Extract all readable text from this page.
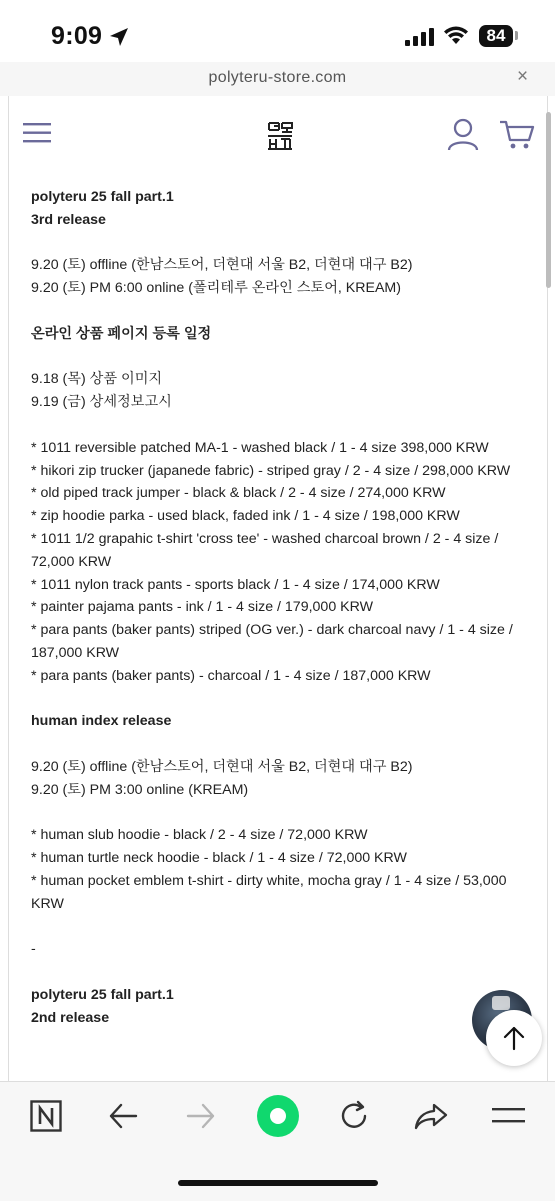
9:09	84
polyteru-store.com	×

polyteru 25 fall part.1

3rd release

9.20 (토) offline (한남스토어, 더현대 서울 B2, 더현대 대구 B2)

9.20 (토) PM 6:00 online (폴리테루 온라인 스토어, KREAM)

온라인 상품 페이지 등록 일정

9.18 (목) 상품 이미지

9.19 (금) 상세정보고시

* 1011 reversible patched MA-1 - washed black / 1 - 4 size 398,000 KRW

* hikori zip trucker (japanede fabric) - striped gray / 2 - 4 size / 298,000 KRW

* old piped track jumper - black & black / 2 - 4 size / 274,000 KRW

* zip hoodie parka - used black, faded ink / 1 - 4 size / 198,000 KRW

* 1011 1/2 grapahic t-shirt 'cross tee' - washed charcoal brown / 2 - 4 size / 72,000 KRW

* 1011 nylon track pants - sports black / 1 - 4 size / 174,000 KRW

* painter pajama pants - ink / 1 - 4 size / 179,000 KRW

* para pants (baker pants) striped (OG ver.) - dark charcoal navy / 1 - 4 size / 187,000 KRW

* para pants (baker pants) - charcoal / 1 - 4 size / 187,000 KRW

human index release

9.20 (토) offline (한남스토어, 더현대 서울 B2, 더현대 대구 B2)

9.20 (토) PM 3:00 online (KREAM)

* human slub hoodie - black / 2 - 4 size / 72,000 KRW

* human turtle neck hoodie - black / 1 - 4 size / 72,000 KRW

* human pocket emblem t-shirt - dirty white, mocha gray / 1 - 4 size / 53,000 KRW

-

polyteru 25 fall part.1

2nd release
